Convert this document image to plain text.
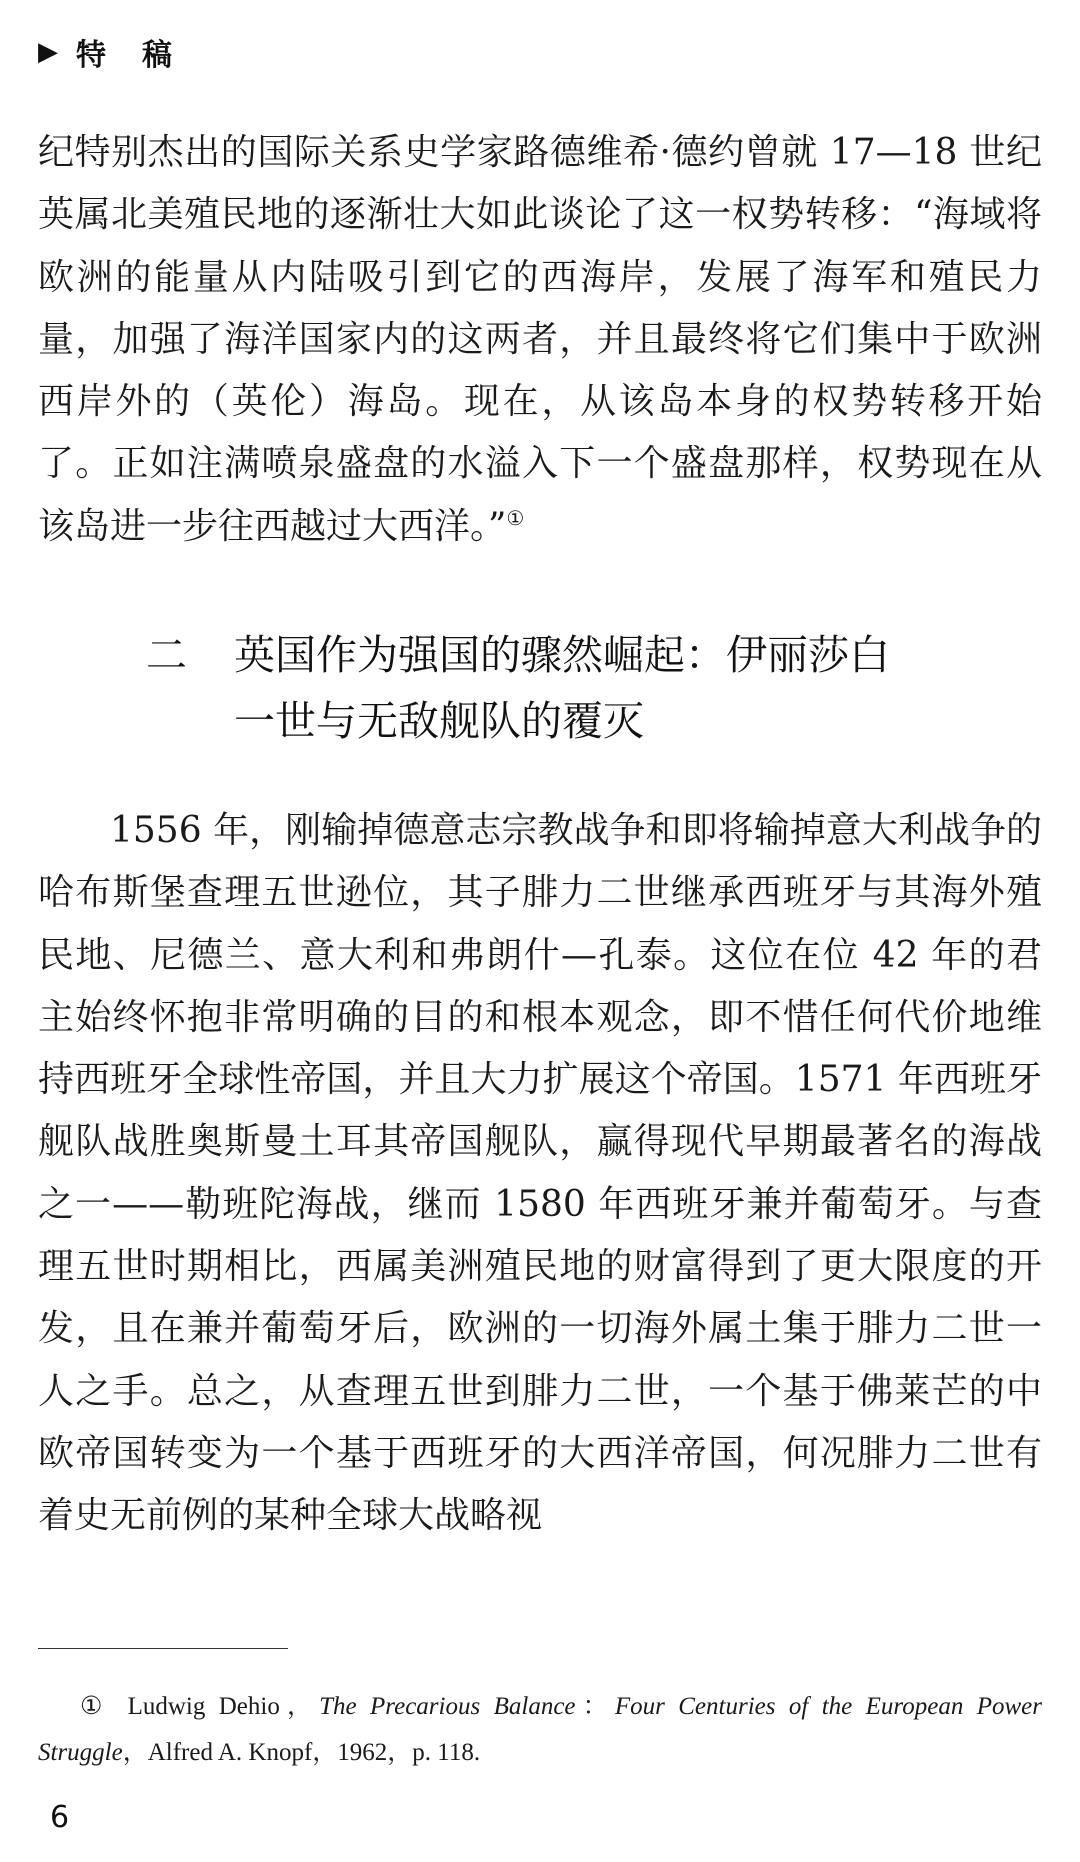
▶ 特稿
纪特别杰出的国际关系史学家路德维希·德约曾就 17—18 世纪英属北美殖民地的逐渐壮大如此谈论了这一权势转移：“海域将欧洲的能量从内陆吸引到它的西海岸，发展了海军和殖民力量，加强了海洋国家内的这两者，并且最终将它们集中于欧洲西岸外的（英伦）海岛。现在，从该岛本身的权势转移开始了。正如注满喷泉盛盘的水溢入下一个盛盘那样，权势现在从该岛进一步往西越过大西洋。”①
二 英国作为强国的骤然崛起：伊丽莎白
一世与无敌舰队的覆灭
1556 年，刚输掉德意志宗教战争和即将输掉意大利战争的哈布斯堡查理五世逊位，其子腓力二世继承西班牙与其海外殖民地、尼德兰、意大利和弗朗什—孔泰。这位在位 42 年的君主始终怀抱非常明确的目的和根本观念，即不惜任何代价地维持西班牙全球性帝国，并且大力扩展这个帝国。1571 年西班牙舰队战胜奥斯曼土耳其帝国舰队，赢得现代早期最著名的海战之一——勒班陀海战，继而 1580 年西班牙兼并葡萄牙。与查理五世时期相比，西属美洲殖民地的财富得到了更大限度的开发，且在兼并葡萄牙后，欧洲的一切海外属土集于腓力二世一人之手。总之，从查理五世到腓力二世，一个基于佛莱芒的中欧帝国转变为一个基于西班牙的大西洋帝国，何况腓力二世有着史无前例的某种全球大战略视
① Ludwig Dehio，The Precarious Balance：Four Centuries of the European Power Struggle，Alfred A. Knopf，1962，p. 118.
6
